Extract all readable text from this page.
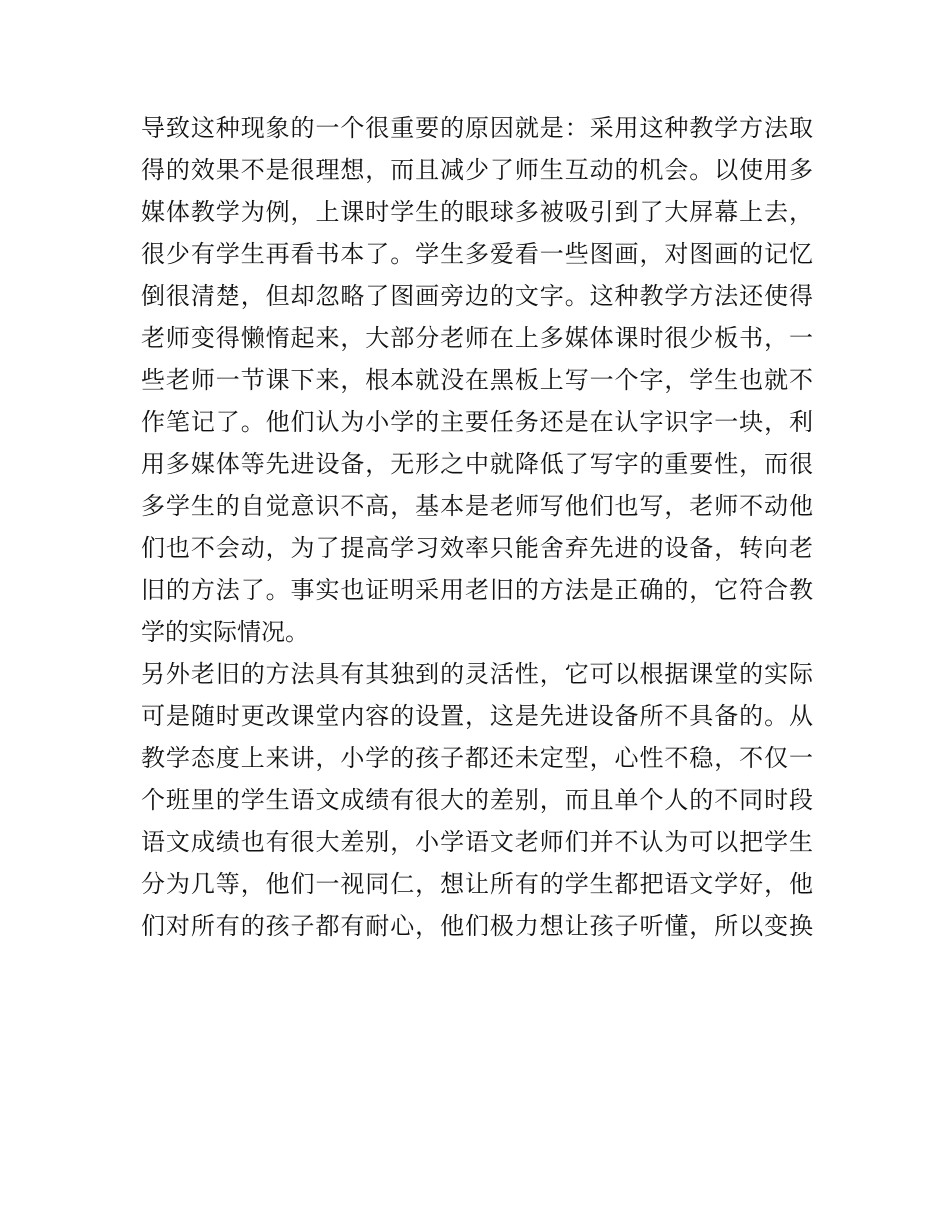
导致这种现象的一个很重要的原因就是：采用这种教学方法取
得的效果不是很理想，而且减少了师生互动的机会。以使用多
媒体教学为例，上课时学生的眼球多被吸引到了大屏幕上去，
很少有学生再看书本了。学生多爱看一些图画，对图画的记忆
倒很清楚，但却忽略了图画旁边的文字。这种教学方法还使得
老师变得懒惰起来，大部分老师在上多媒体课时很少板书，一
些老师一节课下来，根本就没在黑板上写一个字，学生也就不
作笔记了。他们认为小学的主要任务还是在认字识字一块，利
用多媒体等先进设备，无形之中就降低了写字的重要性，而很
多学生的自觉意识不高，基本是老师写他们也写，老师不动他
们也不会动，为了提高学习效率只能舍弃先进的设备，转向老
旧的方法了。事实也证明采用老旧的方法是正确的，它符合教
学的实际情况。
另外老旧的方法具有其独到的灵活性，它可以根据课堂的实际
可是随时更改课堂内容的设置，这是先进设备所不具备的。从
教学态度上来讲，小学的孩子都还未定型，心性不稳，不仅一
个班里的学生语文成绩有很大的差别，而且单个人的不同时段
语文成绩也有很大差别，小学语文老师们并不认为可以把学生
分为几等，他们一视同仁，想让所有的学生都把语文学好，他
们对所有的孩子都有耐心，他们极力想让孩子听懂，所以变换
